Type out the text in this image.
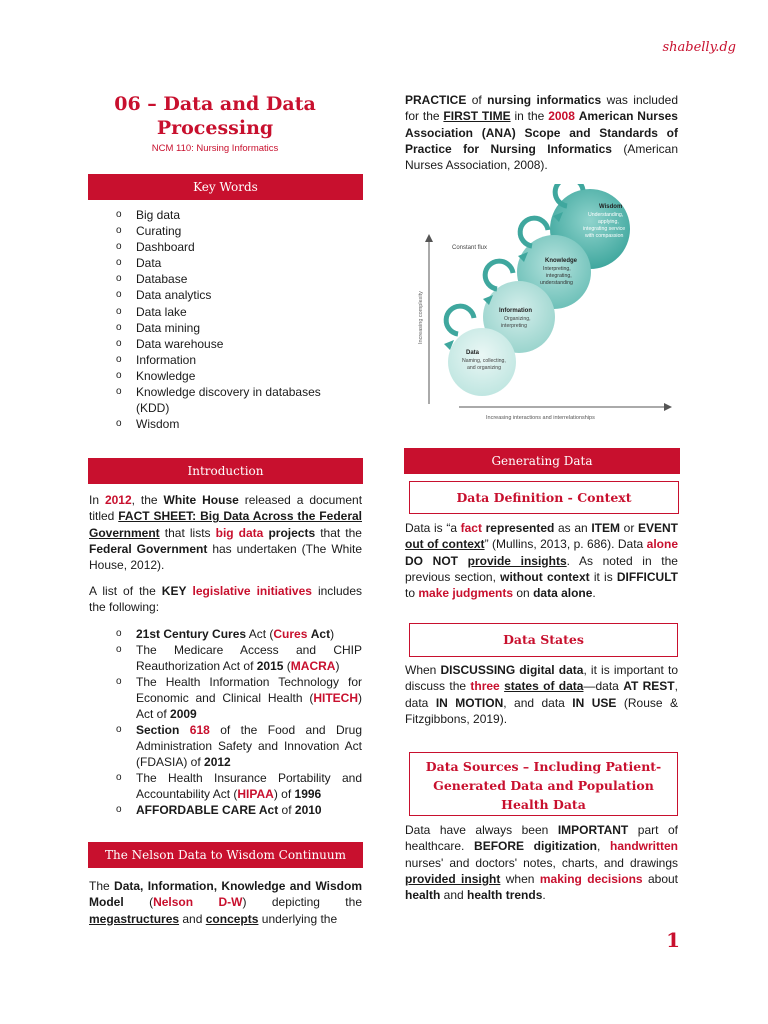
shabelly.dg
06 – Data and Data Processing
NCM 110: Nursing Informatics
Key Words
o Big data
o Curating
o Dashboard
o Data
o Database
o Data analytics
o Data lake
o Data mining
o Data warehouse
o Information
o Knowledge
o Knowledge discovery in databases (KDD)
o Wisdom
Introduction
In 2012, the White House released a document titled FACT SHEET: Big Data Across the Federal Government that lists big data projects that the Federal Government has undertaken (The White House, 2012).
A list of the KEY legislative initiatives includes the following:
o 21st Century Cures Act (Cures Act)
o The Medicare Access and CHIP Reauthorization Act of 2015 (MACRA)
o The Health Information Technology for Economic and Clinical Health (HITECH) Act of 2009
o Section 618 of the Food and Drug Administration Safety and Innovation Act (FDASIA) of 2012
o The Health Insurance Portability and Accountability Act (HIPAA) of 1996
o AFFORDABLE CARE Act of 2010
The Nelson Data to Wisdom Continuum
The Data, Information, Knowledge and Wisdom Model (Nelson D-W) depicting the megastructures and concepts underlying the
PRACTICE of nursing informatics was included for the FIRST TIME in the 2008 American Nurses Association (ANA) Scope and Standards of Practice for Nursing Informatics (American Nurses Association, 2008).
Increasing complexity
Increasing interactions and interrelationships
Constant flux
Data
Naming, collecting,
and organizing
Information
Organizing,
interpreting
Knowledge
Interpreting,
integrating,
understanding
Wisdom
Understanding,
applying,
integrating service
with compassion
Generating Data
Data Definition - Context
Data is “a fact represented as an ITEM or EVENT out of context” (Mullins, 2013, p. 686). Data alone DO NOT provide insights. As noted in the previous section, without context it is DIFFICULT to make judgments on data alone.
Data States
When DISCUSSING digital data, it is important to discuss the three states of data—data AT REST, data IN MOTION, and data IN USE (Rouse & Fitzgibbons, 2019).
Data Sources – Including Patient-Generated Data and Population Health Data
Data have always been IMPORTANT part of healthcare. BEFORE digitization, handwritten nurses' and doctors' notes, charts, and drawings provided insight when making decisions about health and health trends.
1
